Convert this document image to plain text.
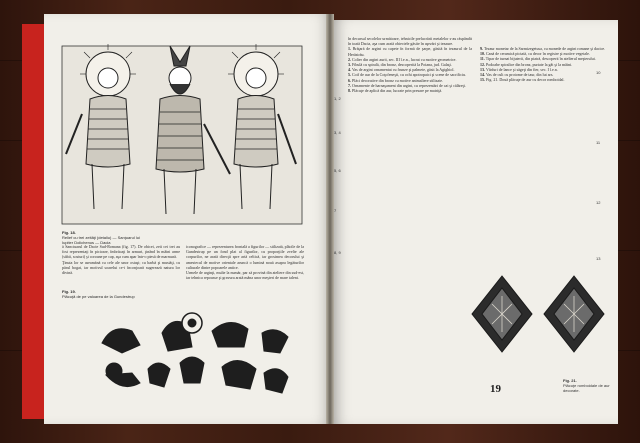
Fig. 18.
Relief cu trei zeităţi (detaliu) — Sanţuarul lui Iupiter Dolichenus — Dacia

ă Sanctuarul de Dacie Sud-Romana (fig. 17). De obicei, zeii cei trei au fost reprezentaţi în picioare, îmbrăcaţi în armuri, ţinând în mâini arme (săbii, scuturi) şi coroane pe cap, aşa cum apar într-o piesă de marmură.

Ţinuta lor se aseamănă cu cele ale unor ostaşi; cu barbă şi mustăţi, cu părul bogat, iar motivul soarelui ce-i înconjoară sugerează natura lor divină.

Fig. 19.
Plăcuţă de pe valoarea de la Gundestrup

iconografice — reprezentarea frontală a figurilor — stilizată, plăcile de la Gundestrup pe un fond plat al figurilor, cu proporţiile zvelte ale corpurilor, ne arată direcţii spre artă celtică, iar grosimea decorului şi amestecul de motive orientale aruncă o lumină nouă asupra legăturilor culturale dintre popoarele antice.

Urmele de arginţi, multe la număr, par să provină din ateliere din sud-est, iar tehnica repousse şi gravura arată mâna unor meşteri de mare talent.

în decursul secolelor următoare, tehnicile prelucrării metalelor s-au răspândit în toată Dacia, aşa cum arată obiectele găsite în aşezări şi tezaure.

1. Brăţară de argint cu capete în formă de şarpe, găsită în tezaurul de la Herăstrău.

2. Colier din argint aurit, sec. III î.e.n., lucrat cu motive geometrice.

3. Fibulă cu spirală, din bronz, descoperită la Poiana, jud. Galaţi.

4. Vas de argint ornamentat cu frunze şi palmete, găsit la Agighiol.

5. Coif de aur de la Coţofeneşti, cu ochi apotropaici şi scene de sacrificiu.

6. Plăci decorative din bronz cu motive animaliere stilizate.

7. Ornamente de harnaşament din argint, cu reprezentări de cai şi călăreţi.

8. Plăcuţe de aplică din aur, lucrate prin presare pe matriţă.

9. Tezaur monetar de la Sarmizegetusa, cu monede de argint romane şi dacice.

10. Cană de ceramică pictată, cu decor în registre şi motive vegetale.

11. Tipar de turnat bijuterii, din piatră, descoperit în atelierul meşterului.

12. Podoabe spiralice din bronz, purtate la gât şi la mâini.

13. Vârfuri de lance şi săgeţi din fier, sec. I î.e.n.

14. Vas de cult cu protome de taur, din lut ars.

15. Fig. 21. Două plăcuţe de aur cu decor romboidal.

1, 2
3, 4
5, 6
7
8, 9
10
11
12
13
19
Fig. 21.
Plăcuţe romboidale de aur decorate.
